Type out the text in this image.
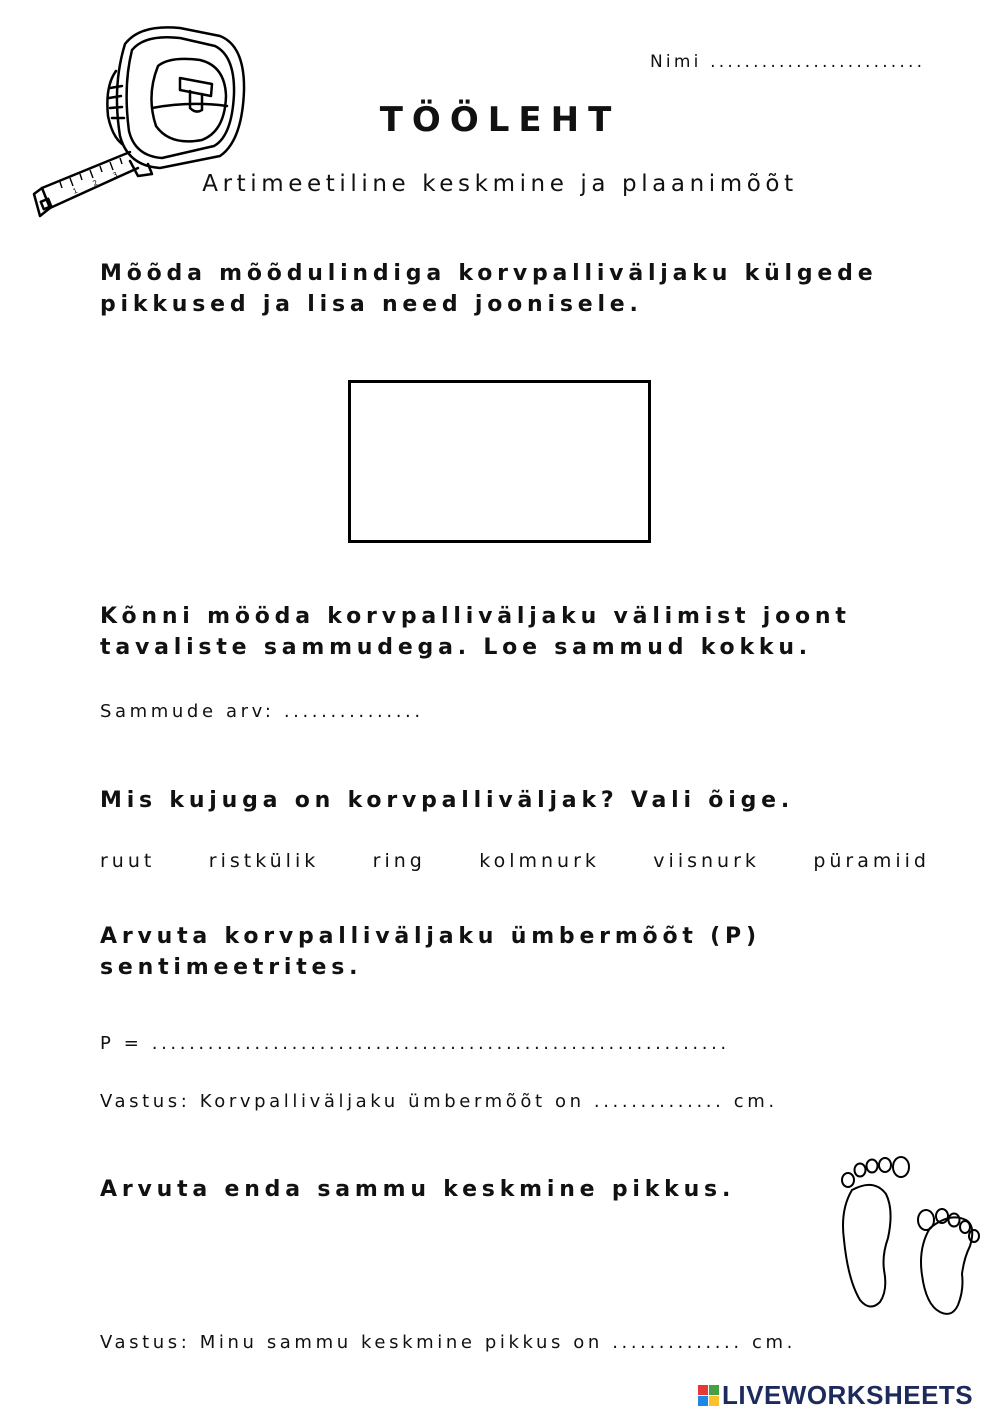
1
2
3
Nimi .........................
TÖÖLEHT
Artimeetiline keskmine ja plaanimõõt
Mõõda mõõdulindiga korvpalliväljaku külgede pikkused ja lisa need joonisele.
Kõnni mööda korvpalliväljaku välimist joont tavaliste sammudega. Loe sammud kokku.
Sammude arv: ...............
Mis kujuga on korvpalliväljak? Vali õige.
ruut	ristkülik	ring	kolmnurk	viisnurk	püramiid
Arvuta korvpalliväljaku ümbermõõt (P) sentimeetrites.
P = ..............................................................
Vastus: Korvpalliväljaku ümbermõõt on .............. cm.
Arvuta enda sammu keskmine pikkus.
Vastus: Minu sammu keskmine pikkus on .............. cm.
LIVEWORKSHEETS
